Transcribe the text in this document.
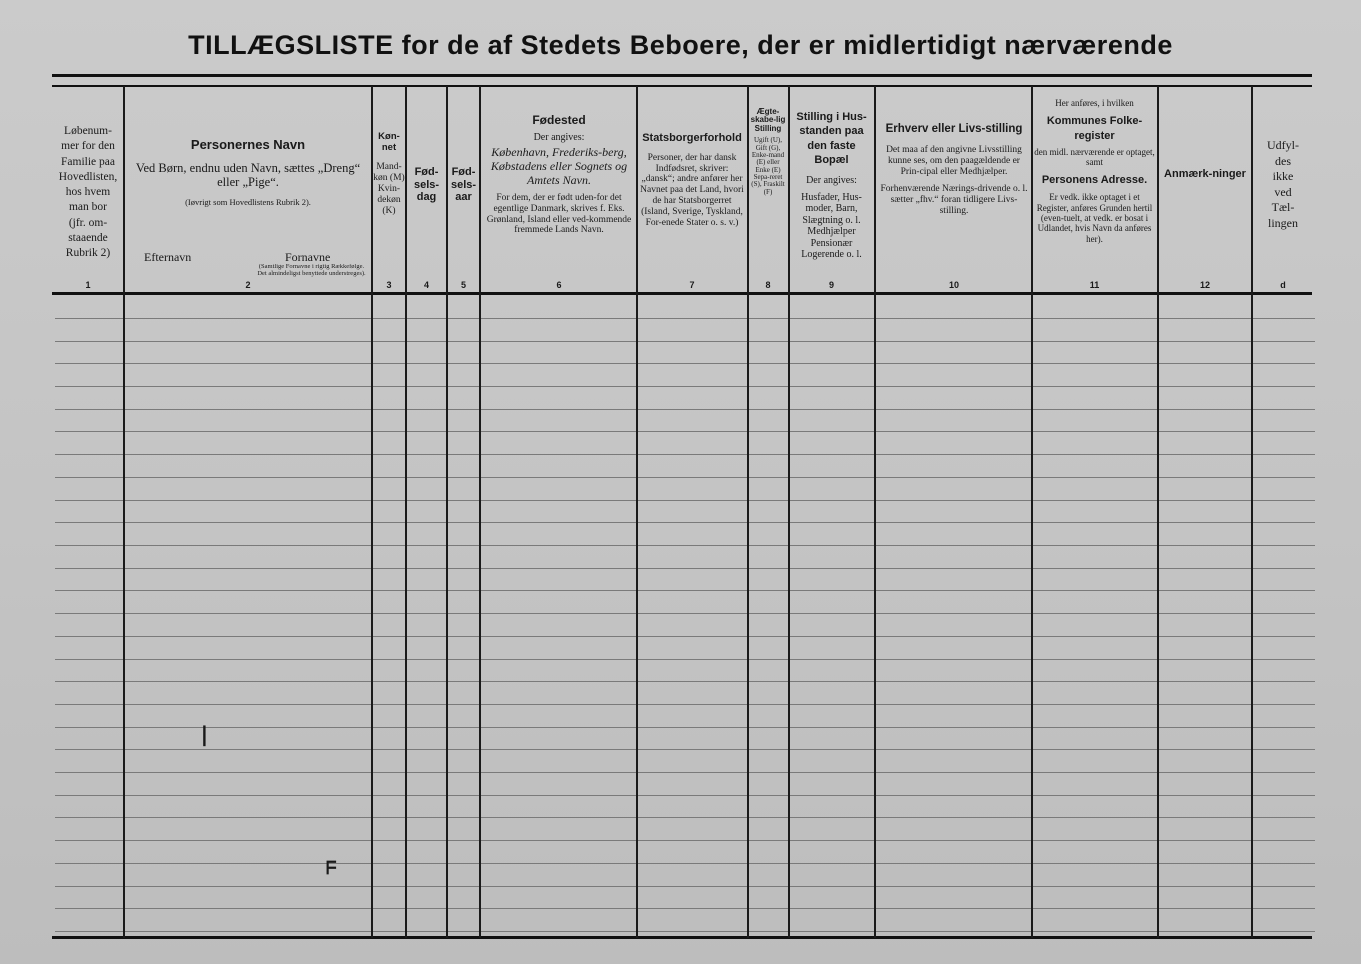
TILLÆGSLISTE for de af Stedets Beboere, der er midlertidigt nærværende
Løbenum-
mer for den
Familie paa
Hovedlisten,
hos hvem
man bor
(jfr. om-
staaende
Rubrik 2)
1
Personernes Navn
Ved Børn, endnu uden Navn, sættes „Dreng“ eller „Pige“.
(Iøvrigt som Hovedlistens Rubrik 2).
Efternavn	Fornavne
(Samtlige Fornavne i rigtig Rækkefølge. Det almindeligst benyttede understreges).
2
Køn-net
Mand-køn (M) Kvin-dekøn (K)
3
Fød-sels-dag
4
Fød-sels-aar
5
Fødested
Der angives:
København, Frederiks-berg, Købstadens eller Sognets og Amtets Navn.
For dem, der er født uden-for det egentlige Danmark, skrives f. Eks. Grønland, Island eller ved-kommende fremmede Lands Navn.
6
Statsborgerforhold
Personer, der har dansk Indfødsret, skriver: „dansk“; andre anfører her Navnet paa det Land, hvori de har Statsborgerret (Island, Sverige, Tyskland, For-enede Stater o. s. v.)
7
Ægte-skabe-lig Stilling
Ugift (U), Gift (G), Enke-mand (E) eller Enke (E) Sepa-reret (S), Fraskilt (F)
8
Stilling i Hus-standen paa den faste Bopæl
Der angives:
Husfader, Hus-moder, Barn, Slægtning o. l. Medhjælper Pensionær Logerende o. l.
9
Erhverv eller Livs-stilling
Det maa af den angivne Livsstilling kunne ses, om den paagældende er Prin-cipal eller Medhjælper.
Forhenværende Nærings-drivende o. l. sætter „fhv.“ foran tidligere Livs-stilling.
10
Her anføres, i hvilken
Kommunes Folke-register
den midl. nærværende er optaget, samt
Personens Adresse.
Er vedk. ikke optaget i et Register, anføres Grunden hertil (even-tuelt, at vedk. er bosat i Udlandet, hvis Navn da anføres her).
11
Anmærk-ninger
12
Udfyl-
des
ikke
ved
Tæl-
lingen
d
❘
ᖴ
